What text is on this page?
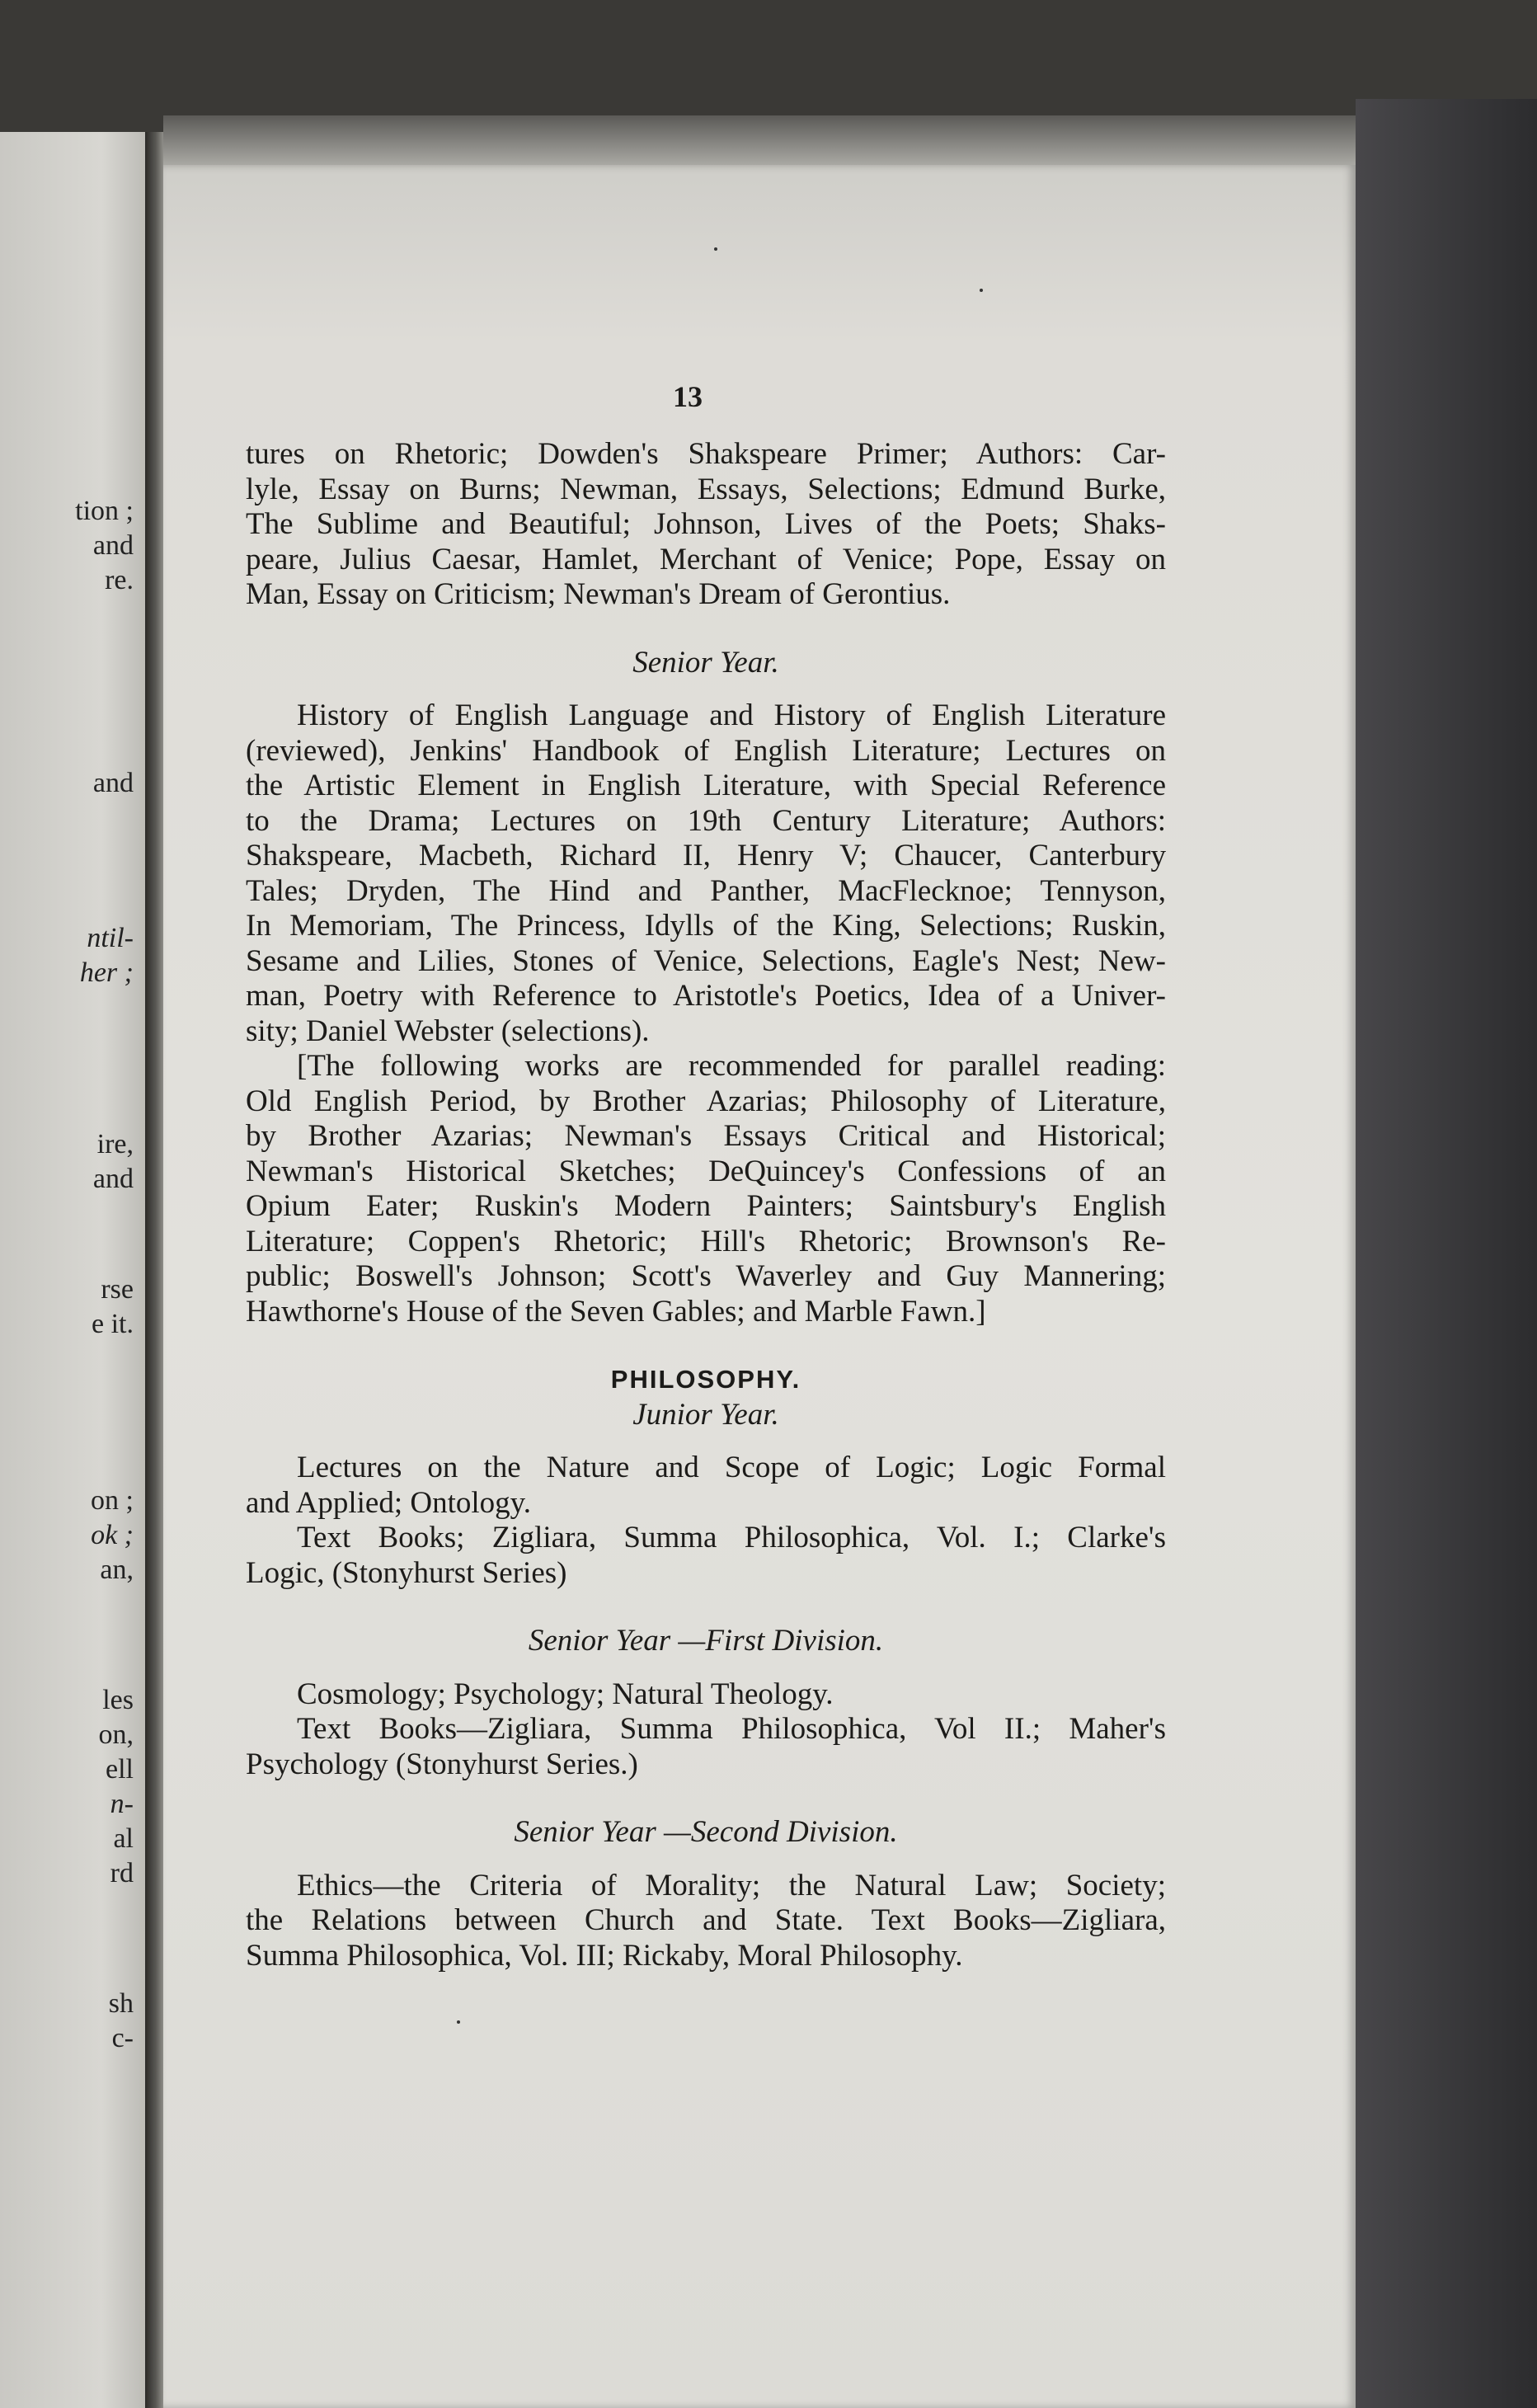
tion ;
and
re.
and
ntil-
her ;
ire,
and
rse
e it.
on ;
ok ;
an,
les
on,
ell
n-
al
rd
sh
c-
13
tures on Rhetoric; Dowden's Shakspeare Primer; Authors: Car-
lyle, Essay on Burns; Newman, Essays, Selections; Edmund Burke,
The Sublime and Beautiful; Johnson, Lives of the Poets; Shaks-
peare, Julius Caesar, Hamlet, Merchant of Venice; Pope, Essay on
Man, Essay on Criticism; Newman's Dream of Gerontius.
Senior Year.
History of English Language and History of English Literature
(reviewed), Jenkins' Handbook of English Literature; Lectures on
the Artistic Element in English Literature, with Special Reference
to the Drama; Lectures on 19th Century Literature; Authors:
Shakspeare, Macbeth, Richard II, Henry V; Chaucer, Canterbury
Tales; Dryden, The Hind and Panther, MacFlecknoe; Tennyson,
In Memoriam, The Princess, Idylls of the King, Selections; Ruskin,
Sesame and Lilies, Stones of Venice, Selections, Eagle's Nest; New-
man, Poetry with Reference to Aristotle's Poetics, Idea of a Univer-
sity; Daniel Webster (selections).
[The following works are recommended for parallel reading:
Old English Period, by Brother Azarias; Philosophy of Literature,
by Brother Azarias; Newman's Essays Critical and Historical;
Newman's Historical Sketches; DeQuincey's Confessions of an
Opium Eater; Ruskin's Modern Painters; Saintsbury's English
Literature; Coppen's Rhetoric; Hill's Rhetoric; Brownson's Re-
public; Boswell's Johnson; Scott's Waverley and Guy Mannering;
Hawthorne's House of the Seven Gables; and Marble Fawn.]
PHILOSOPHY.
Junior Year.
Lectures on the Nature and Scope of Logic; Logic Formal
and Applied; Ontology.
Text Books; Zigliara, Summa Philosophica, Vol. I.; Clarke's
Logic, (Stonyhurst Series)
Senior Year —First Division.
Cosmology; Psychology; Natural Theology.
Text Books—Zigliara, Summa Philosophica, Vol II.; Maher's
Psychology (Stonyhurst Series.)
Senior Year —Second Division.
Ethics—the Criteria of Morality; the Natural Law; Society;
the Relations between Church and State. Text Books—Zigliara,
Summa Philosophica, Vol. III; Rickaby, Moral Philosophy.
